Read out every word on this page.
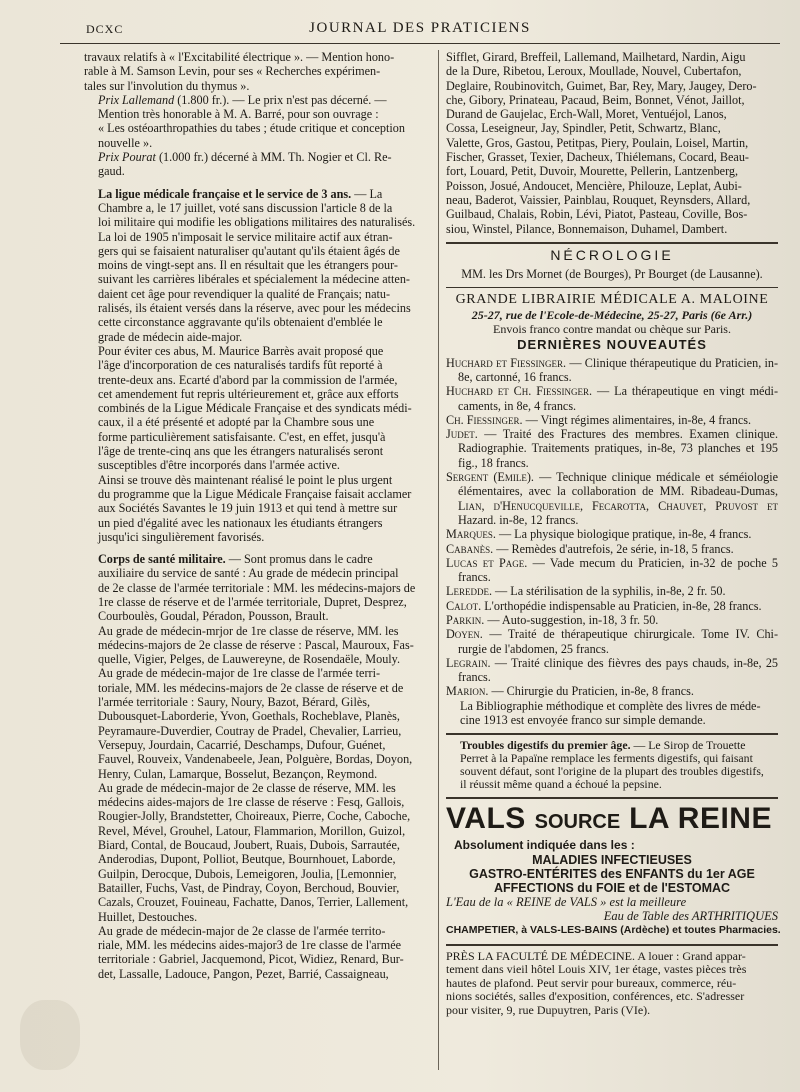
DCXC	JOURNAL DES PRATICIENS

travaux relatifs à « l'Excitabilité électrique ». — Mention hono-
rable à M. Samson Levin, pour ses « Recherches expérimen-
tales sur l'involution du thymus ».

Prix Lallemand (1.800 fr.). — Le prix n'est pas décerné. —
Mention très honorable à M. A. Barré, pour son ouvrage :
« Les ostéoarthropathies du tabes ; étude critique et conception
nouvelle ».

Prix Pourat (1.000 fr.) décerné à MM. Th. Nogier et Cl. Re-
gaud.

La ligue médicale française et le service de 3 ans. — La
Chambre a, le 17 juillet, voté sans discussion l'article 8 de la
loi militaire qui modifie les obligations militaires des naturalisés.
La loi de 1905 n'imposait le service militaire actif aux étran-
gers qui se faisaient naturaliser qu'autant qu'ils étaient âgés de
moins de vingt-sept ans. Il en résultait que les étrangers pour-
suivant les carrières libérales et spécialement la médecine atten-
daient cet âge pour revendiquer la qualité de Français; natu-
ralisés, ils étaient versés dans la réserve, avec pour les médecins
cette circonstance aggravante qu'ils obtenaient d'emblée le
grade de médecin aide-major.

Pour éviter ces abus, M. Maurice Barrès avait proposé que
l'âge d'incorporation de ces naturalisés tardifs fût reporté à
trente-deux ans. Ecarté d'abord par la commission de l'armée,
cet amendement fut repris ultérieurement et, grâce aux efforts
combinés de la Ligue Médicale Française et des syndicats médi-
caux, il a été présenté et adopté par la Chambre sous une
forme particulièrement satisfaisante. C'est, en effet, jusqu'à
l'âge de trente-cinq ans que les étrangers naturalisés seront
susceptibles d'être incorporés dans l'armée active.

Ainsi se trouve dès maintenant réalisé le point le plus urgent
du programme que la Ligue Médicale Française faisait acclamer
aux Sociétés Savantes le 19 juin 1913 et qui tend à mettre sur
un pied d'égalité avec les nationaux les étudiants étrangers
jusqu'ici singulièrement favorisés.

Corps de santé militaire. — Sont promus dans le cadre
auxiliaire du service de santé : Au grade de médecin principal
de 2e classe de l'armée territoriale : MM. les médecins-majors de
1re classe de réserve et de l'armée territoriale, Dupret, Desprez,
Courboulès, Goudal, Péradon, Pousson, Brault.

Au grade de médecin-mrjor de 1re classe de réserve, MM. les
médecins-majors de 2e classe de réserve : Pascal, Mauroux, Fas-
quelle, Vigier, Pelges, de Lauwereyne, de Rosendaële, Mouly.

Au grade de médecin-major de 1re classe de l'armée terri-
toriale, MM. les médecins-majors de 2e classe de réserve et de
l'armée territoriale : Saury, Noury, Bazot, Bérard, Gilès,
Dubousquet-Laborderie, Yvon, Goethals, Rocheblave, Planès,
Peyramaure-Duverdier, Coutray de Pradel, Chevalier, Larrieu,
Versepuy, Jourdain, Cacarrié, Deschamps, Dufour, Guénet,
Fauvel, Rouveix, Vandenabeele, Jean, Polguère, Bordas, Doyon,
Henry, Culan, Lamarque, Bosselut, Bezançon, Reymond.

Au grade de médecin-major de 2e classe de réserve, MM. les
médecins aides-majors de 1re classe de réserve : Fesq, Gallois,
Rougier-Jolly, Brandstetter, Choireaux, Pierre, Coche, Caboche,
Revel, Mével, Grouhel, Latour, Flammarion, Morillon, Guizol,
Biard, Contal, de Boucaud, Joubert, Ruais, Dubois, Sarrautée,
Anderodias, Dupont, Polliot, Beutque, Bournhouet, Laborde,
Guilpin, Derocque, Dubois, Lemeigoren, Joulia, [Lemonnier,
Batailler, Fuchs, Vast, de Pindray, Coyon, Berchoud, Bouvier,
Cazals, Crouzet, Fouineau, Fachatte, Danos, Terrier, Lallement,
Huillet, Destouches.

Au grade de médecin-major de 2e classe de l'armée territo-
riale, MM. les médecins aides-major3 de 1re classe de l'armée
territoriale : Gabriel, Jacquemond, Picot, Widiez, Renard, Bur-
det, Lassalle, Ladouce, Pangon, Pezet, Barrié, Cassaigneau,

Sifflet, Girard, Breffeil, Lallemand, Mailhetard, Nardin, Aigu
de la Dure, Ribetou, Leroux, Moullade, Nouvel, Cubertafon,
Deglaire, Roubinovitch, Guimet, Bar, Rey, Mary, Jaugey, Dero-
che, Gibory, Prinateau, Pacaud, Beim, Bonnet, Vénot, Jaillot,
Durand de Gaujelac, Erch-Wall, Moret, Ventuéjol, Lanos,
Cossa, Leseigneur, Jay, Spindler, Petit, Schwartz, Blanc,
Valette, Gros, Gastou, Petitpas, Piery, Poulain, Loisel, Martin,
Fischer, Grasset, Texier, Dacheux, Thiélemans, Cocard, Beau-
fort, Louard, Petit, Duvoir, Mourette, Pellerin, Lantzenberg,
Poisson, Josué, Andoucet, Mencière, Philouze, Leplat, Aubi-
neau, Baderot, Vaissier, Painblau, Rouquet, Reynsders, Allard,
Guilbaud, Chalais, Robin, Lévi, Piatot, Pasteau, Coville, Bos-
siou, Winstel, Pilance, Bonnemaison, Duhamel, Dambert.

NÉCROLOGIE

MM. les Drs Mornet (de Bourges), Pr Bourget (de Lausanne).

GRANDE LIBRAIRIE MÉDICALE A. MALOINE
25-27, rue de l'Ecole-de-Médecine, 25-27, Paris (6e Arr.)
Envois franco contre mandat ou chèque sur Paris.
DERNIÈRES NOUVEAUTÉS

Huchard et Fiessinger. — Clinique thérapeutique du Praticien, in-8e, cartonné, 16 francs.

Huchard et Ch. Fiessinger. — La thérapeutique en vingt médi- caments, in 8e, 4 francs.

Ch. Fiessinger. — Vingt régimes alimentaires, in-8e, 4 francs.

Judet. — Traité des Fractures des membres. Examen clinique. Radiographie. Traitements pratiques, in-8e, 73 planches et 195 fig., 18 francs.

Sergent (Emile). — Technique clinique médicale et séméiologie élémentaires, avec la collaboration de MM. Ribadeau-Dumas, Lian, d'Henucqueville, Fecarotta, Chauvet, Pruvost et Hazard. in-8e, 12 francs.

Marques. — La physique biologique pratique, in-8e, 4 francs.

Cabanès. — Remèdes d'autrefois, 2e série, in-18, 5 francs.

Lucas et Page. — Vade mecum du Praticien, in-32 de poche 5 francs.

Leredde. — La stérilisation de la syphilis, in-8e, 2 fr. 50.

Calot. L'orthopédie indispensable au Praticien, in-8e, 28 francs.

Parkin. — Auto-suggestion, in-18, 3 fr. 50.

Doyen. — Traité de thérapeutique chirurgicale. Tome IV. Chi- rurgie de l'abdomen, 25 francs.

Legrain. — Traité clinique des fièvres des pays chauds, in-8e, 25 francs.

Marion. — Chirurgie du Praticien, in-8e, 8 francs.

La Bibliographie méthodique et complète des livres de méde-
cine 1913 est envoyée franco sur simple demande.

Troubles digestifs du premier âge. — Le Sirop de Trouette
Perret à la Papaïne remplace les ferments digestifs, qui faisant
souvent défaut, sont l'origine de la plupart des troubles digestifs,
il réussit même quand a échoué la pepsine.

VALS SOURCE LA REINE
Absolument indiquée dans les :
MALADIES INFECTIEUSES
GASTRO-ENTÉRITES des ENFANTS du 1er AGE
AFFECTIONS du FOIE et de l'ESTOMAC
L'Eau de la « REINE de VALS » est la meilleure
Eau de Table des ARTHRITIQUES
CHAMPETIER, à VALS-LES-BAINS (Ardèche) et toutes Pharmacies.

PRÈS LA FACULTÉ DE MÉDECINE. A louer : Grand appar-
tement dans vieil hôtel Louis XIV, 1er étage, vastes pièces très
hautes de plafond. Peut servir pour bureaux, commerce, réu-
nions sociétés, salles d'exposition, conférences, etc. S'adresser
pour visiter, 9, rue Dupuytren, Paris (VIe).
